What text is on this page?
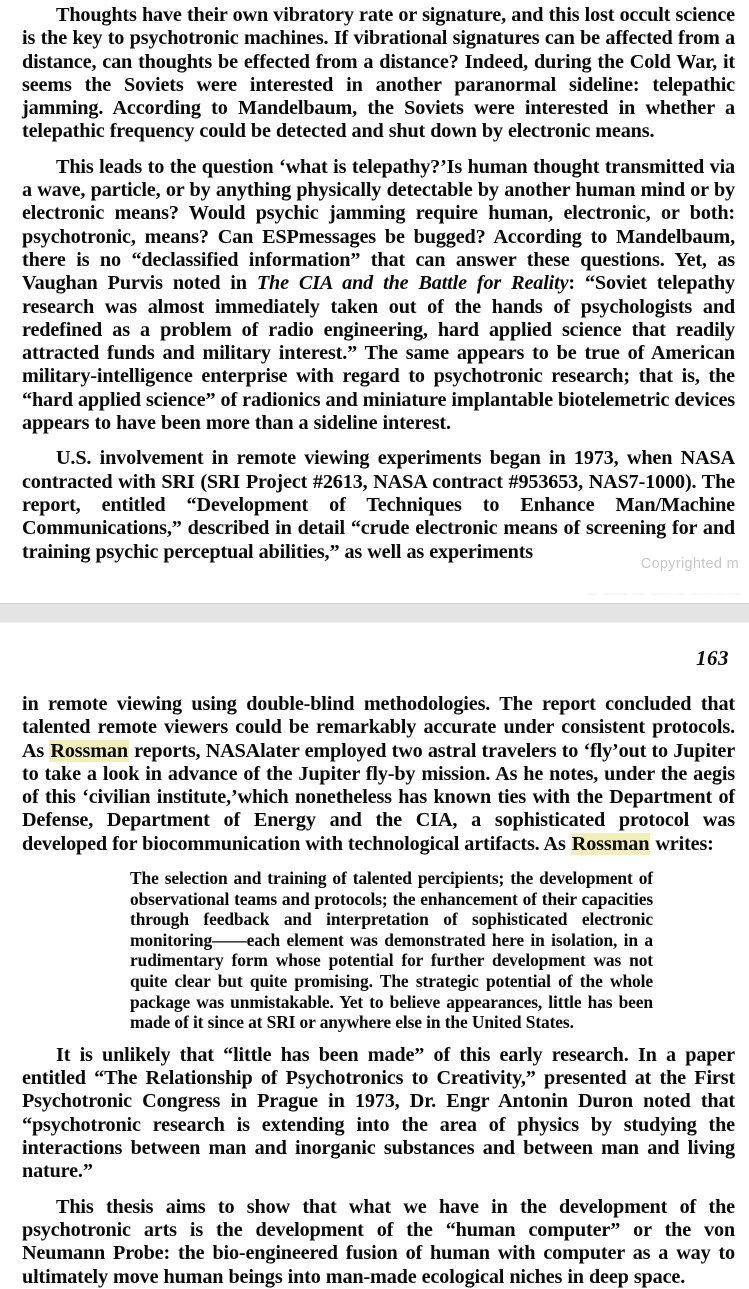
Thoughts have their own vibratory rate or signature, and this lost occult science is the key to psychotronic machines. If vibrational signatures can be affected from a distance, can thoughts be effected from a distance? Indeed, during the Cold War, it seems the Soviets were interested in another paranormal sideline: telepathic jamming. According to Mandelbaum, the Soviets were interested in whether a telepathic frequency could be detected and shut down by electronic means.

This leads to the question ‘what is telepathy?’Is human thought transmitted via a wave, particle, or by anything physically detectable by another human mind or by electronic means? Would psychic jamming require human, electronic, or both: psychotronic, means? Can ESPmessages be bugged? According to Mandelbaum, there is no “declassified information” that can answer these questions. Yet, as Vaughan Purvis noted in The CIA and the Battle for Reality: “Soviet telepathy research was almost immediately taken out of the hands of psychologists and redefined as a problem of radio engineering, hard applied science that readily attracted funds and military interest.” The same appears to be true of American military-intelligence enterprise with regard to psychotronic research; that is, the “hard applied science” of radionics and miniature implantable biotelemetric devices appears to have been more than a sideline interest.

U.S. involvement in remote viewing experiments began in 1973, when NASA contracted with SRI (SRI Project #2613, NASA contract #953653, NAS7-1000). The report, entitled “Development of Techniques to Enhance Man/Machine Communications,” described in detail “crude electronic means of screening for and training psychic perceptual abilities,” as well as experiments

Copyrighted m
— —— — ——— ————
163

in remote viewing using double-blind methodologies. The report concluded that talented remote viewers could be remarkably accurate under consistent protocols. As Rossman reports, NASAlater employed two astral travelers to ‘fly’out to Jupiter to take a look in advance of the Jupiter fly-by mission. As he notes, under the aegis of this ‘civilian institute,’which nonetheless has known ties with the Department of Defense, Department of Energy and the CIA, a sophisticated protocol was developed for biocommunication with technological artifacts. As Rossman writes:

The selection and training of talented percipients; the development of observational teams and protocols; the enhancement of their capacities through feedback and interpretation of sophisticated electronic monitoring——each element was demonstrated here in isolation, in a rudimentary form whose potential for further development was not quite clear but quite promising. The strategic potential of the whole package was unmistakable. Yet to believe appearances, little has been made of it since at SRI or anywhere else in the United States.

It is unlikely that “little has been made” of this early research. In a paper entitled “The Relationship of Psychotronics to Creativity,” presented at the First Psychotronic Congress in Prague in 1973, Dr. Engr Antonin Duron noted that “psychotronic research is extending into the area of physics by studying the interactions between man and inorganic substances and between man and living nature.”

This thesis aims to show that what we have in the development of the psychotronic arts is the development of the “human computer” or the von Neumann Probe: the bio-engineered fusion of human with computer as a way to ultimately move human beings into man-made ecological niches in deep space.
